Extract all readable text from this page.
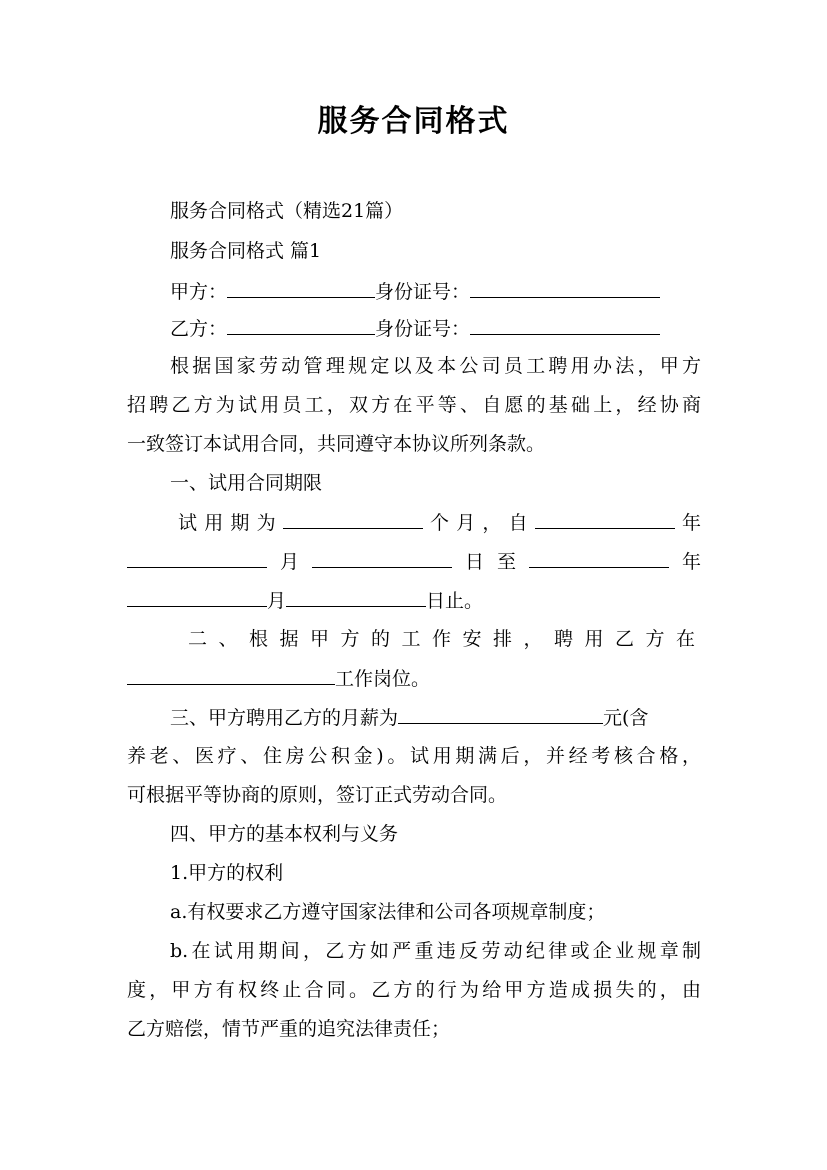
服务合同格式

服务合同格式（精选21篇）

服务合同格式 篇1

甲方：	身份证号：

乙方：	身份证号：

根据国家劳动管理规定以及本公司员工聘用办法，甲方

招聘乙方为试用员工，双方在平等、自愿的基础上，经协商

一致签订本试用合同，共同遵守本协议所列条款。

一、试用合同期限

试用期为	个月，自	年

月	日至	年

月	日止。

二、根据甲方的工作安排，聘用乙方在

工作岗位。

三、甲方聘用乙方的月薪为	元(含

养老、医疗、住房公积金)。试用期满后，并经考核合格，

可根据平等协商的原则，签订正式劳动合同。

四、甲方的基本权利与义务

1.甲方的权利

a.有权要求乙方遵守国家法律和公司各项规章制度；

b.在试用期间，乙方如严重违反劳动纪律或企业规章制

度，甲方有权终止合同。乙方的行为给甲方造成损失的，由

乙方赔偿，情节严重的追究法律责任；
